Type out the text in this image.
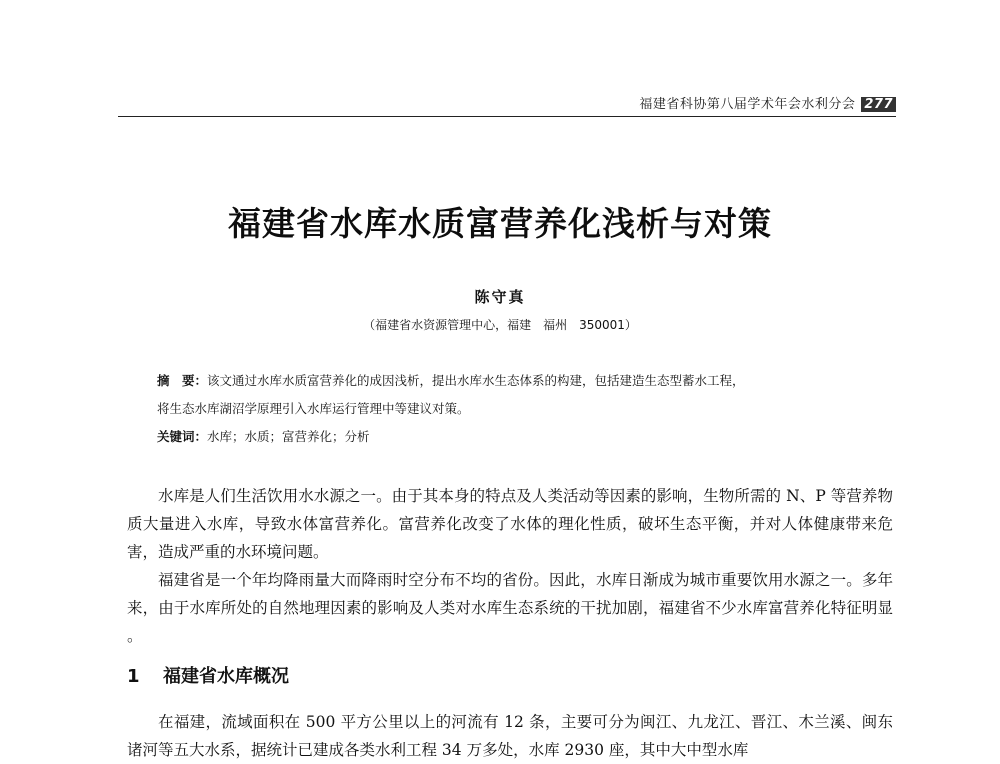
福建省科协第八届学术年会水利分会 277
福建省水库水质富营养化浅析与对策
陈守真
（福建省水资源管理中心，福建　福州　350001）
摘　要：该文通过水库水质富营养化的成因浅析，提出水库水生态体系的构建，包括建造生态型蓄水工程，
将生态水库湖沼学原理引入水库运行管理中等建议对策。
关键词：水库；水质；富营养化；分析

水库是人们生活饮用水水源之一。由于其本身的特点及人类活动等因素的影响，生物所需的 N、P 等营养物质大量进入水库，导致水体富营养化。富营养化改变了水体的理化性质，破坏生态平衡，并对人体健康带来危害，造成严重的水环境问题。

福建省是一个年均降雨量大而降雨时空分布不均的省份。因此，水库日渐成为城市重要饮用水源之一。多年来，由于水库所处的自然地理因素的影响及人类对水库生态系统的干扰加剧，福建省不少水库富营养化特征明显 。

1 福建省水库概况

在福建，流域面积在 500 平方公里以上的河流有 12 条，主要可分为闽江、九龙江、晋江、木兰溪、闽东诸河等五大水系，据统计已建成各类水利工程 34 万多处，水库 2930 座，其中大中型水库
